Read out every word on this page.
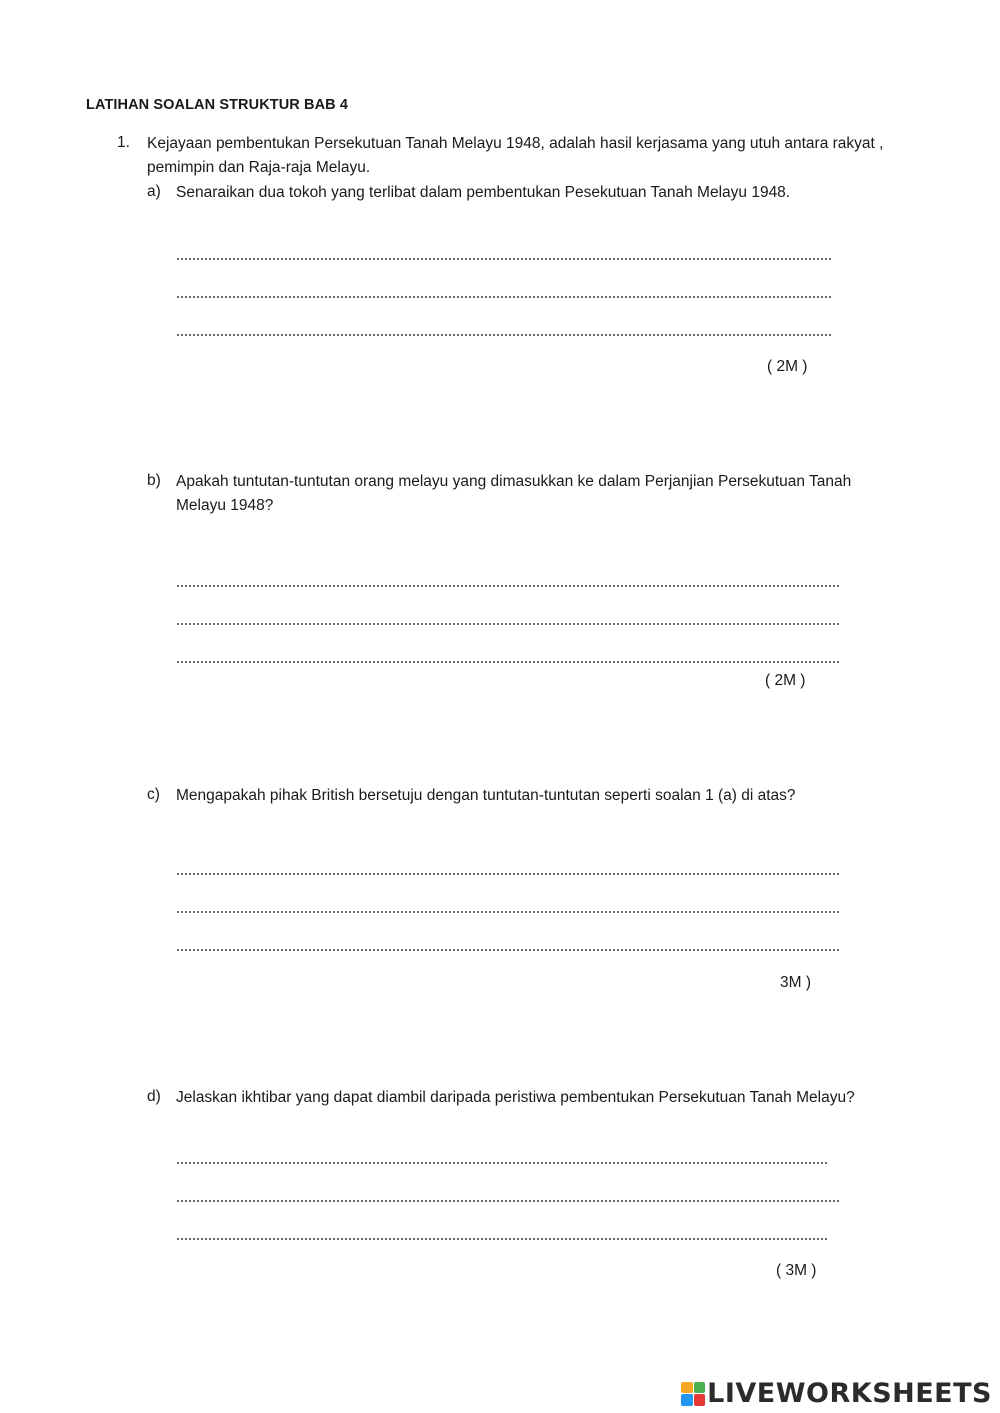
LATIHAN SOALAN STRUKTUR BAB 4
1. Kejayaan pembentukan Persekutuan Tanah Melayu 1948, adalah hasil kerjasama yang utuh antara rakyat , pemimpin dan Raja-raja Melayu.
a) Senaraikan dua tokoh yang terlibat dalam pembentukan Pesekutuan Tanah Melayu 1948.
( 2M )
b) Apakah tuntutan-tuntutan orang melayu yang dimasukkan ke dalam Perjanjian Persekutuan Tanah Melayu 1948?
( 2M )
c) Mengapakah pihak British bersetuju dengan tuntutan-tuntutan seperti soalan 1 (a) di atas?
3M )
d) Jelaskan ikhtibar yang dapat diambil daripada peristiwa pembentukan Persekutuan Tanah Melayu?
( 3M )
LIVEWORKSHEETS
